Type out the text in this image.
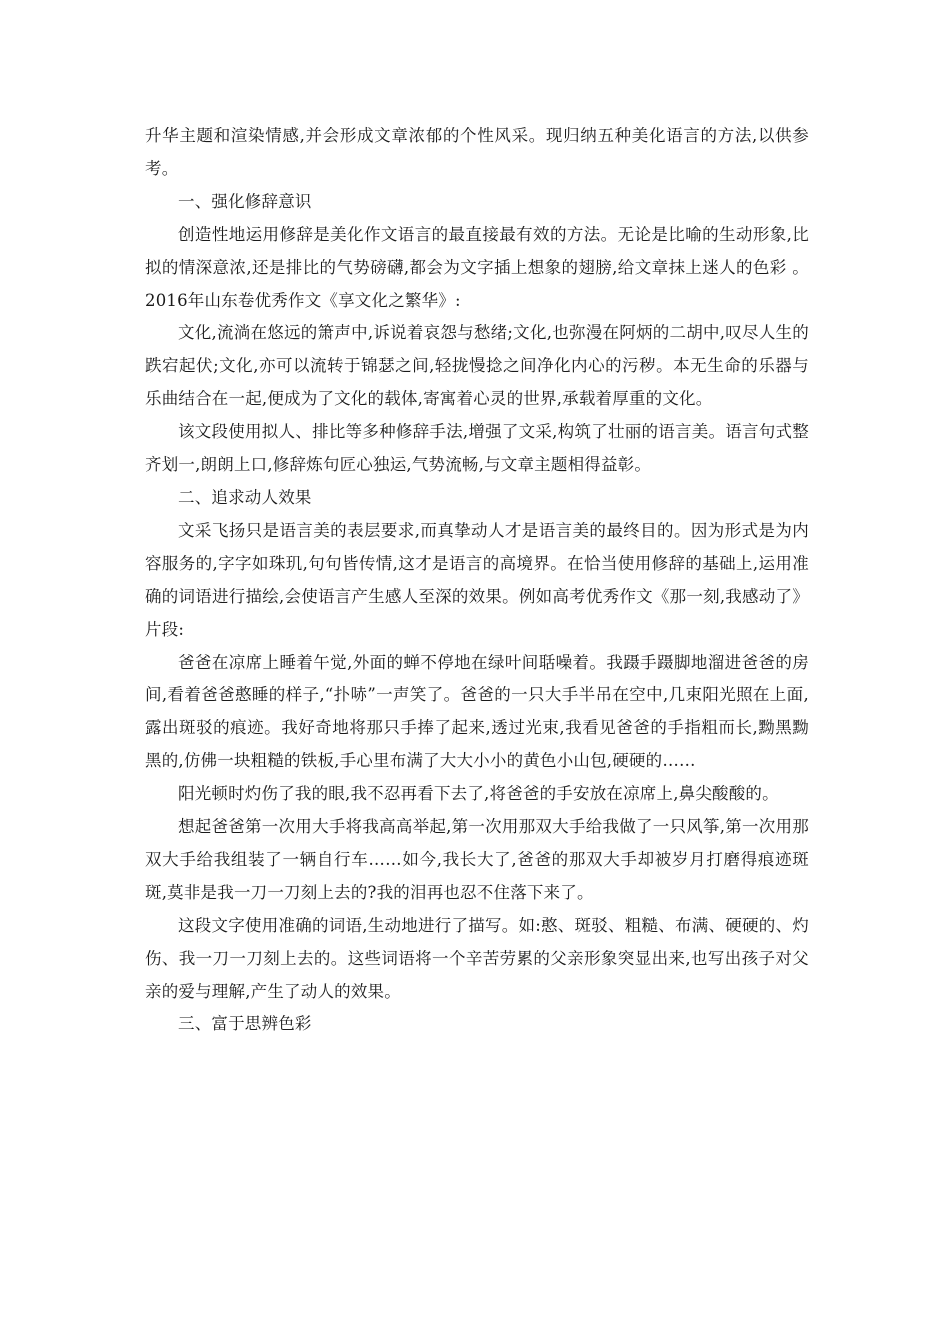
升华主题和渲染情感,并会形成文章浓郁的个性风采。现归纳五种美化语言的方法,以供参考。

一、强化修辞意识

创造性地运用修辞是美化作文语言的最直接最有效的方法。无论是比喻的生动形象,比拟的情深意浓,还是排比的气势磅礴,都会为文字插上想象的翅膀,给文章抹上迷人的色彩 。2016年山东卷优秀作文《享文化之繁华》:

文化,流淌在悠远的箫声中,诉说着哀怨与愁绪;文化,也弥漫在阿炳的二胡中,叹尽人生的跌宕起伏;文化,亦可以流转于锦瑟之间,轻拢慢捻之间净化内心的污秽。本无生命的乐器与乐曲结合在一起,便成为了文化的载体,寄寓着心灵的世界,承载着厚重的文化。

该文段使用拟人、排比等多种修辞手法,增强了文采,构筑了壮丽的语言美。语言句式整齐划一,朗朗上口,修辞炼句匠心独运,气势流畅,与文章主题相得益彰。

二、追求动人效果

文采飞扬只是语言美的表层要求,而真挚动人才是语言美的最终目的。因为形式是为内容服务的,字字如珠玑,句句皆传情,这才是语言的高境界。在恰当使用修辞的基础上,运用准确的词语进行描绘,会使语言产生感人至深的效果。例如高考优秀作文《那一刻,我感动了》片段:

爸爸在凉席上睡着午觉,外面的蝉不停地在绿叶间聒噪着。我蹑手蹑脚地溜进爸爸的房间,看着爸爸憨睡的样子,“扑哧”一声笑了。爸爸的一只大手半吊在空中,几束阳光照在上面,露出斑驳的痕迹。我好奇地将那只手捧了起来,透过光束,我看见爸爸的手指粗而长,黝黑黝黑的,仿佛一块粗糙的铁板,手心里布满了大大小小的黄色小山包,硬硬的……

阳光顿时灼伤了我的眼,我不忍再看下去了,将爸爸的手安放在凉席上,鼻尖酸酸的。

想起爸爸第一次用大手将我高高举起,第一次用那双大手给我做了一只风筝,第一次用那双大手给我组装了一辆自行车……如今,我长大了,爸爸的那双大手却被岁月打磨得痕迹斑斑,莫非是我一刀一刀刻上去的?我的泪再也忍不住落下来了。

这段文字使用准确的词语,生动地进行了描写。如:憨、斑驳、粗糙、布满、硬硬的、灼伤、我一刀一刀刻上去的。这些词语将一个辛苦劳累的父亲形象突显出来,也写出孩子对父亲的爱与理解,产生了动人的效果。

三、富于思辨色彩
